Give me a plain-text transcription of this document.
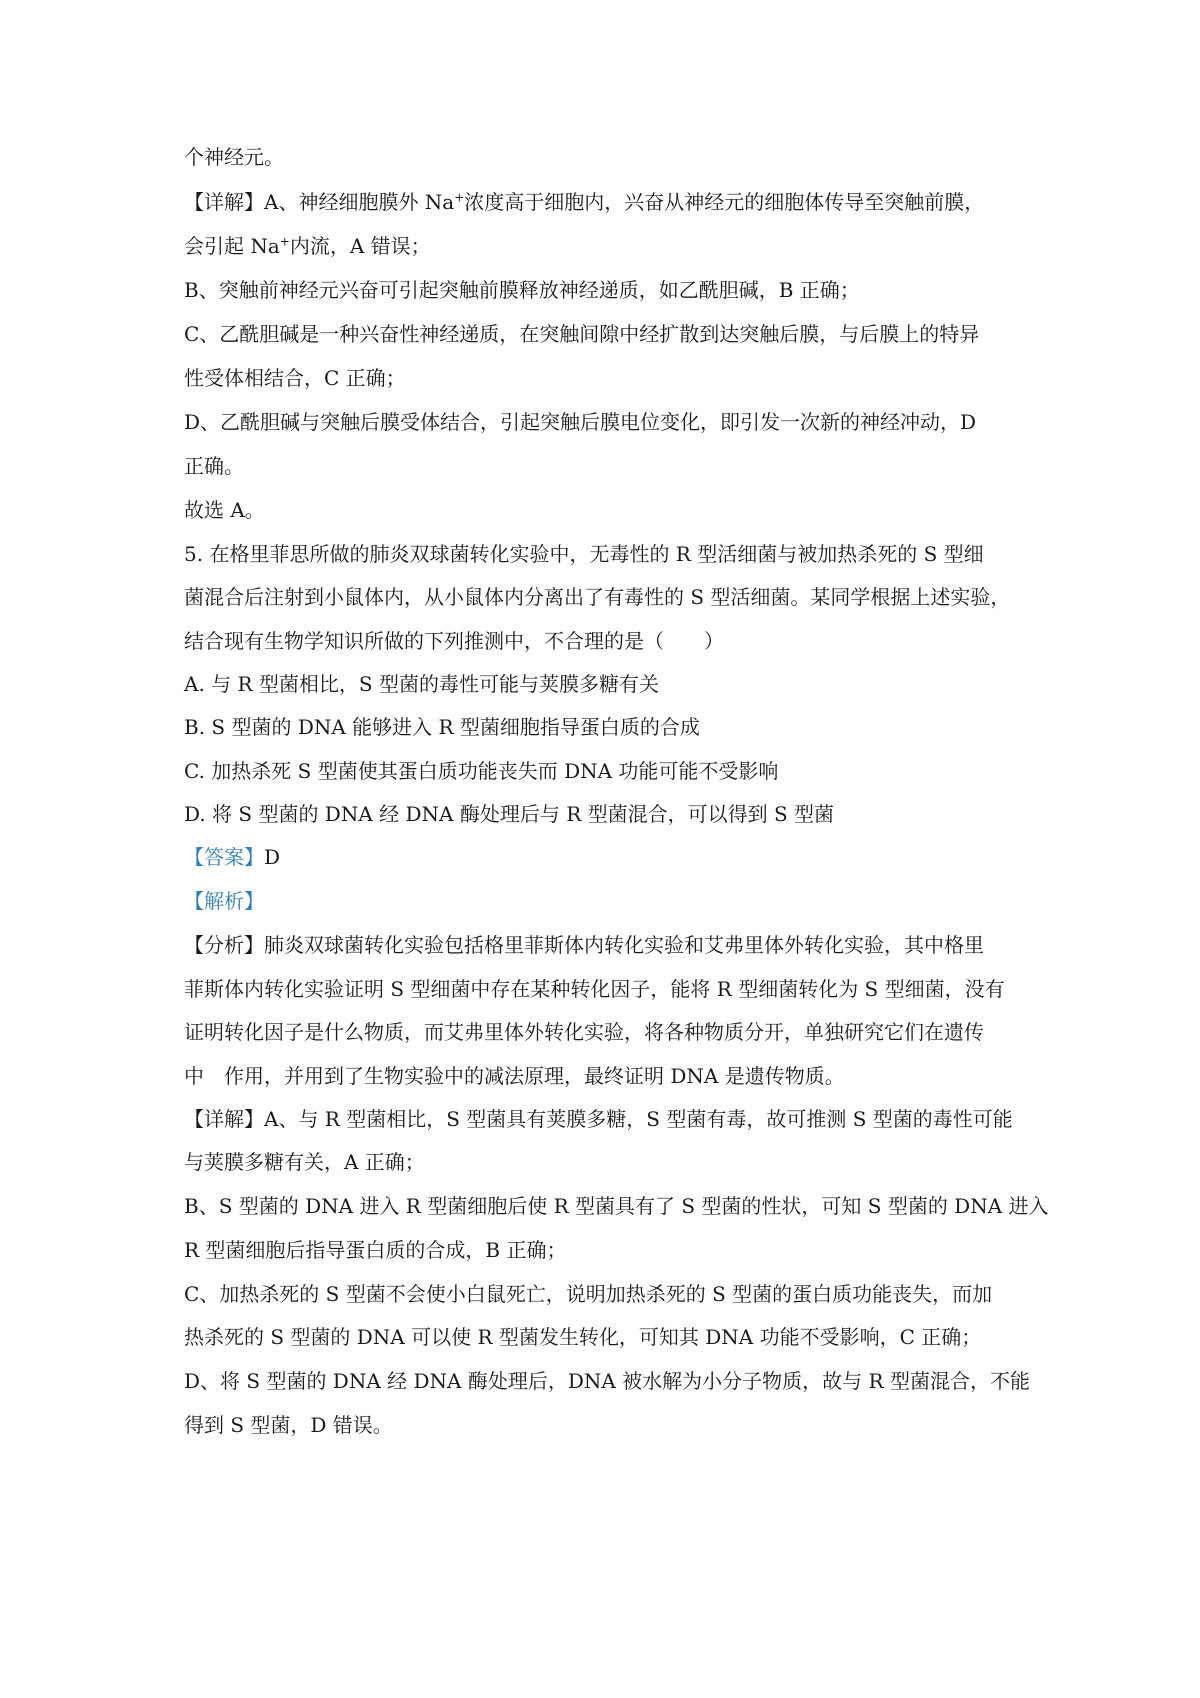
个神经元。
【详解】A、神经细胞膜外 Na+浓度高于细胞内，兴奋从神经元的细胞体传导至突触前膜，
会引起 Na+内流，A 错误；
B、突触前神经元兴奋可引起突触前膜释放神经递质，如乙酰胆碱，B 正确；
C、乙酰胆碱是一种兴奋性神经递质，在突触间隙中经扩散到达突触后膜，与后膜上的特异
性受体相结合，C 正确；
D、乙酰胆碱与突触后膜受体结合，引起突触后膜电位变化，即引发一次新的神经冲动，D
正确。
故选 A。
5. 在格里菲思所做的肺炎双球菌转化实验中，无毒性的 R 型活细菌与被加热杀死的 S 型细
菌混合后注射到小鼠体内，从小鼠体内分离出了有毒性的 S 型活细菌。某同学根据上述实验，
结合现有生物学知识所做的下列推测中，不合理的是（　　）
A. 与 R 型菌相比，S 型菌的毒性可能与荚膜多糖有关
B. S 型菌的 DNA 能够进入 R 型菌细胞指导蛋白质的合成
C. 加热杀死 S 型菌使其蛋白质功能丧失而 DNA 功能可能不受影响
D. 将 S 型菌的 DNA 经 DNA 酶处理后与 R 型菌混合，可以得到 S 型菌
【答案】D
【解析】
【分析】肺炎双球菌转化实验包括格里菲斯体内转化实验和艾弗里体外转化实验，其中格里
菲斯体内转化实验证明 S 型细菌中存在某种转化因子，能将 R 型细菌转化为 S 型细菌，没有
证明转化因子是什么物质，而艾弗里体外转化实验，将各种物质分开，单独研究它们在遗传
中　作用，并用到了生物实验中的减法原理，最终证明 DNA 是遗传物质。
【详解】A、与 R 型菌相比，S 型菌具有荚膜多糖，S 型菌有毒，故可推测 S 型菌的毒性可能
与荚膜多糖有关，A 正确；
B、S 型菌的 DNA 进入 R 型菌细胞后使 R 型菌具有了 S 型菌的性状，可知 S 型菌的 DNA 进入
R 型菌细胞后指导蛋白质的合成，B 正确；
C、加热杀死的 S 型菌不会使小白鼠死亡，说明加热杀死的 S 型菌的蛋白质功能丧失，而加
热杀死的 S 型菌的 DNA 可以使 R 型菌发生转化，可知其 DNA 功能不受影响，C 正确；
D、将 S 型菌的 DNA 经 DNA 酶处理后，DNA 被水解为小分子物质，故与 R 型菌混合，不能
得到 S 型菌，D 错误。
